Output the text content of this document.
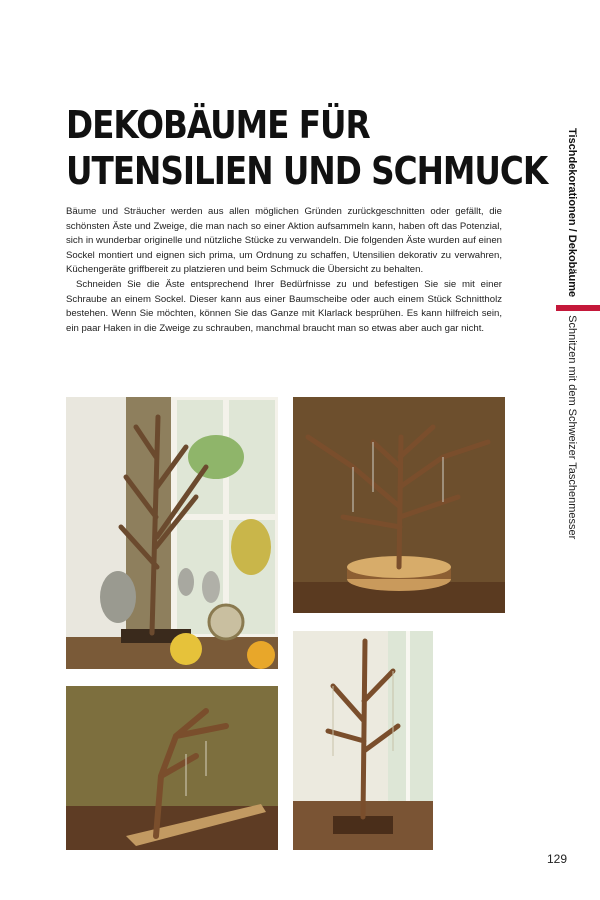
DEKOBÄUME FÜR
UTENSILIEN UND SCHMUCK

Bäume und Sträucher werden aus allen möglichen Gründen zurückgeschnitten oder gefällt, die schönsten Äste und Zweige, die man nach so einer Aktion aufsammeln kann, haben oft das Potenzial, sich in wunderbar originelle und nützliche Stücke zu verwandeln. Die folgenden Äste wurden auf einen Sockel montiert und eignen sich prima, um Ordnung zu schaffen, Utensilien dekorativ zu verwahren, Küchengeräte griffbereit zu platzieren und beim Schmuck die Übersicht zu behalten.

Schneiden Sie die Äste entsprechend Ihrer Bedürfnisse zu und befestigen Sie sie mit einer Schraube an einem Sockel. Dieser kann aus einer Baumscheibe oder auch einem Stück Schnittholz bestehen. Wenn Sie möchten, können Sie das Ganze mit Klarlack besprühen. Es kann hilfreich sein, ein paar Haken in die Zweige zu schrauben, manchmal braucht man so etwas aber auch gar nicht.

Tischdekorationen / DekobäumeSchnitzen mit dem Schweizer Taschenmesser
129
